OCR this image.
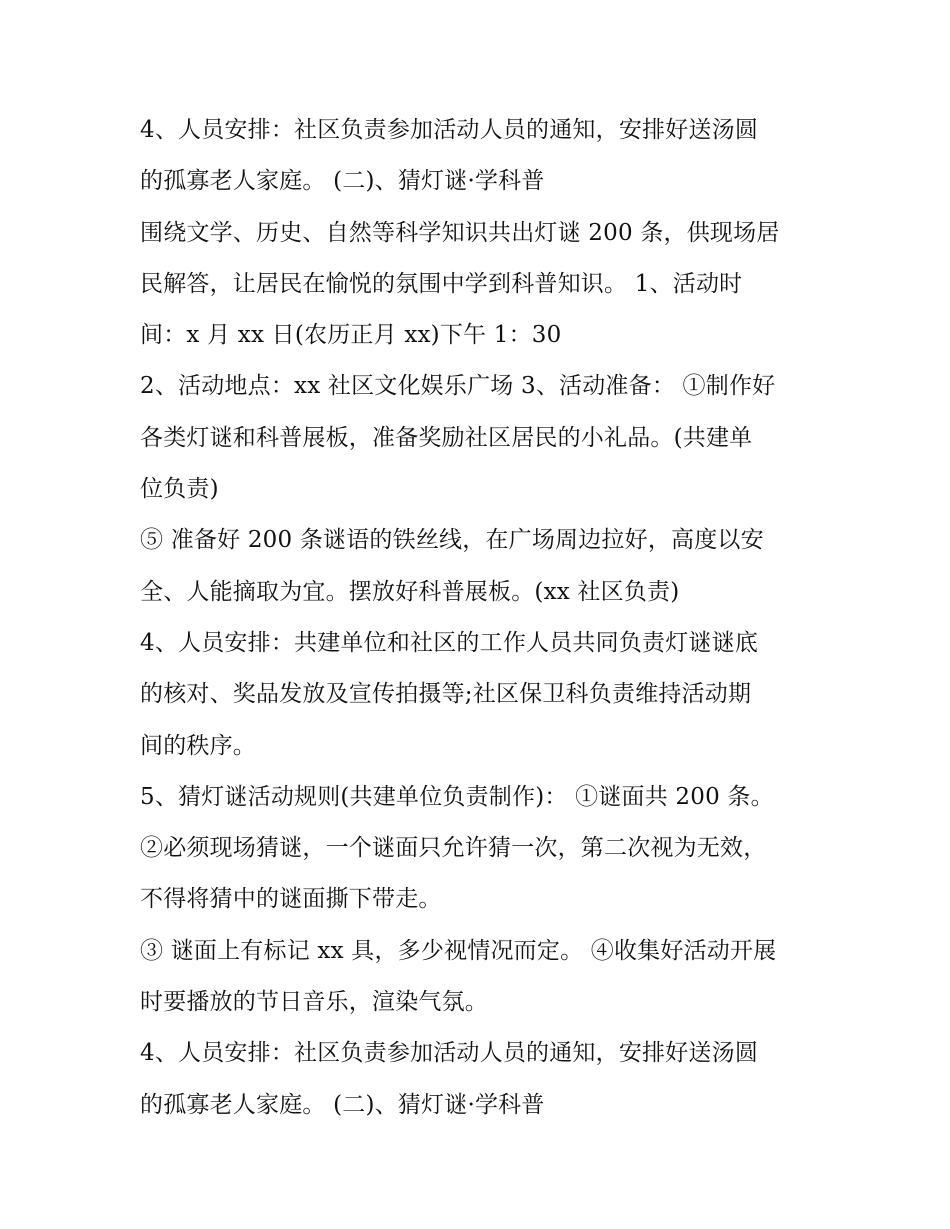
4、人员安排：社区负责参加活动人员的通知，安排好送汤圆
的孤寡老人家庭。 (二)、猜灯谜·学科普
围绕文学、历史、自然等科学知识共出灯谜 200 条，供现场居
民解答，让居民在愉悦的氛围中学到科普知识。 1、活动时
间：x 月 xx 日(农历正月 xx)下午 1：30
2、活动地点：xx 社区文化娱乐广场 3、活动准备： ①制作好
各类灯谜和科普展板，准备奖励社区居民的小礼品。(共建单
位负责)
⑤ 准备好 200 条谜语的铁丝线，在广场周边拉好，高度以安
全、人能摘取为宜。摆放好科普展板。(xx 社区负责)
4、人员安排：共建单位和社区的工作人员共同负责灯谜谜底
的核对、奖品发放及宣传拍摄等;社区保卫科负责维持活动期
间的秩序。
5、猜灯谜活动规则(共建单位负责制作)： ①谜面共 200 条。
②必须现场猜谜，一个谜面只允许猜一次，第二次视为无效，
不得将猜中的谜面撕下带走。
③ 谜面上有标记 xx 具，多少视情况而定。 ④收集好活动开展
时要播放的节日音乐，渲染气氛。
4、人员安排：社区负责参加活动人员的通知，安排好送汤圆
的孤寡老人家庭。 (二)、猜灯谜·学科普
